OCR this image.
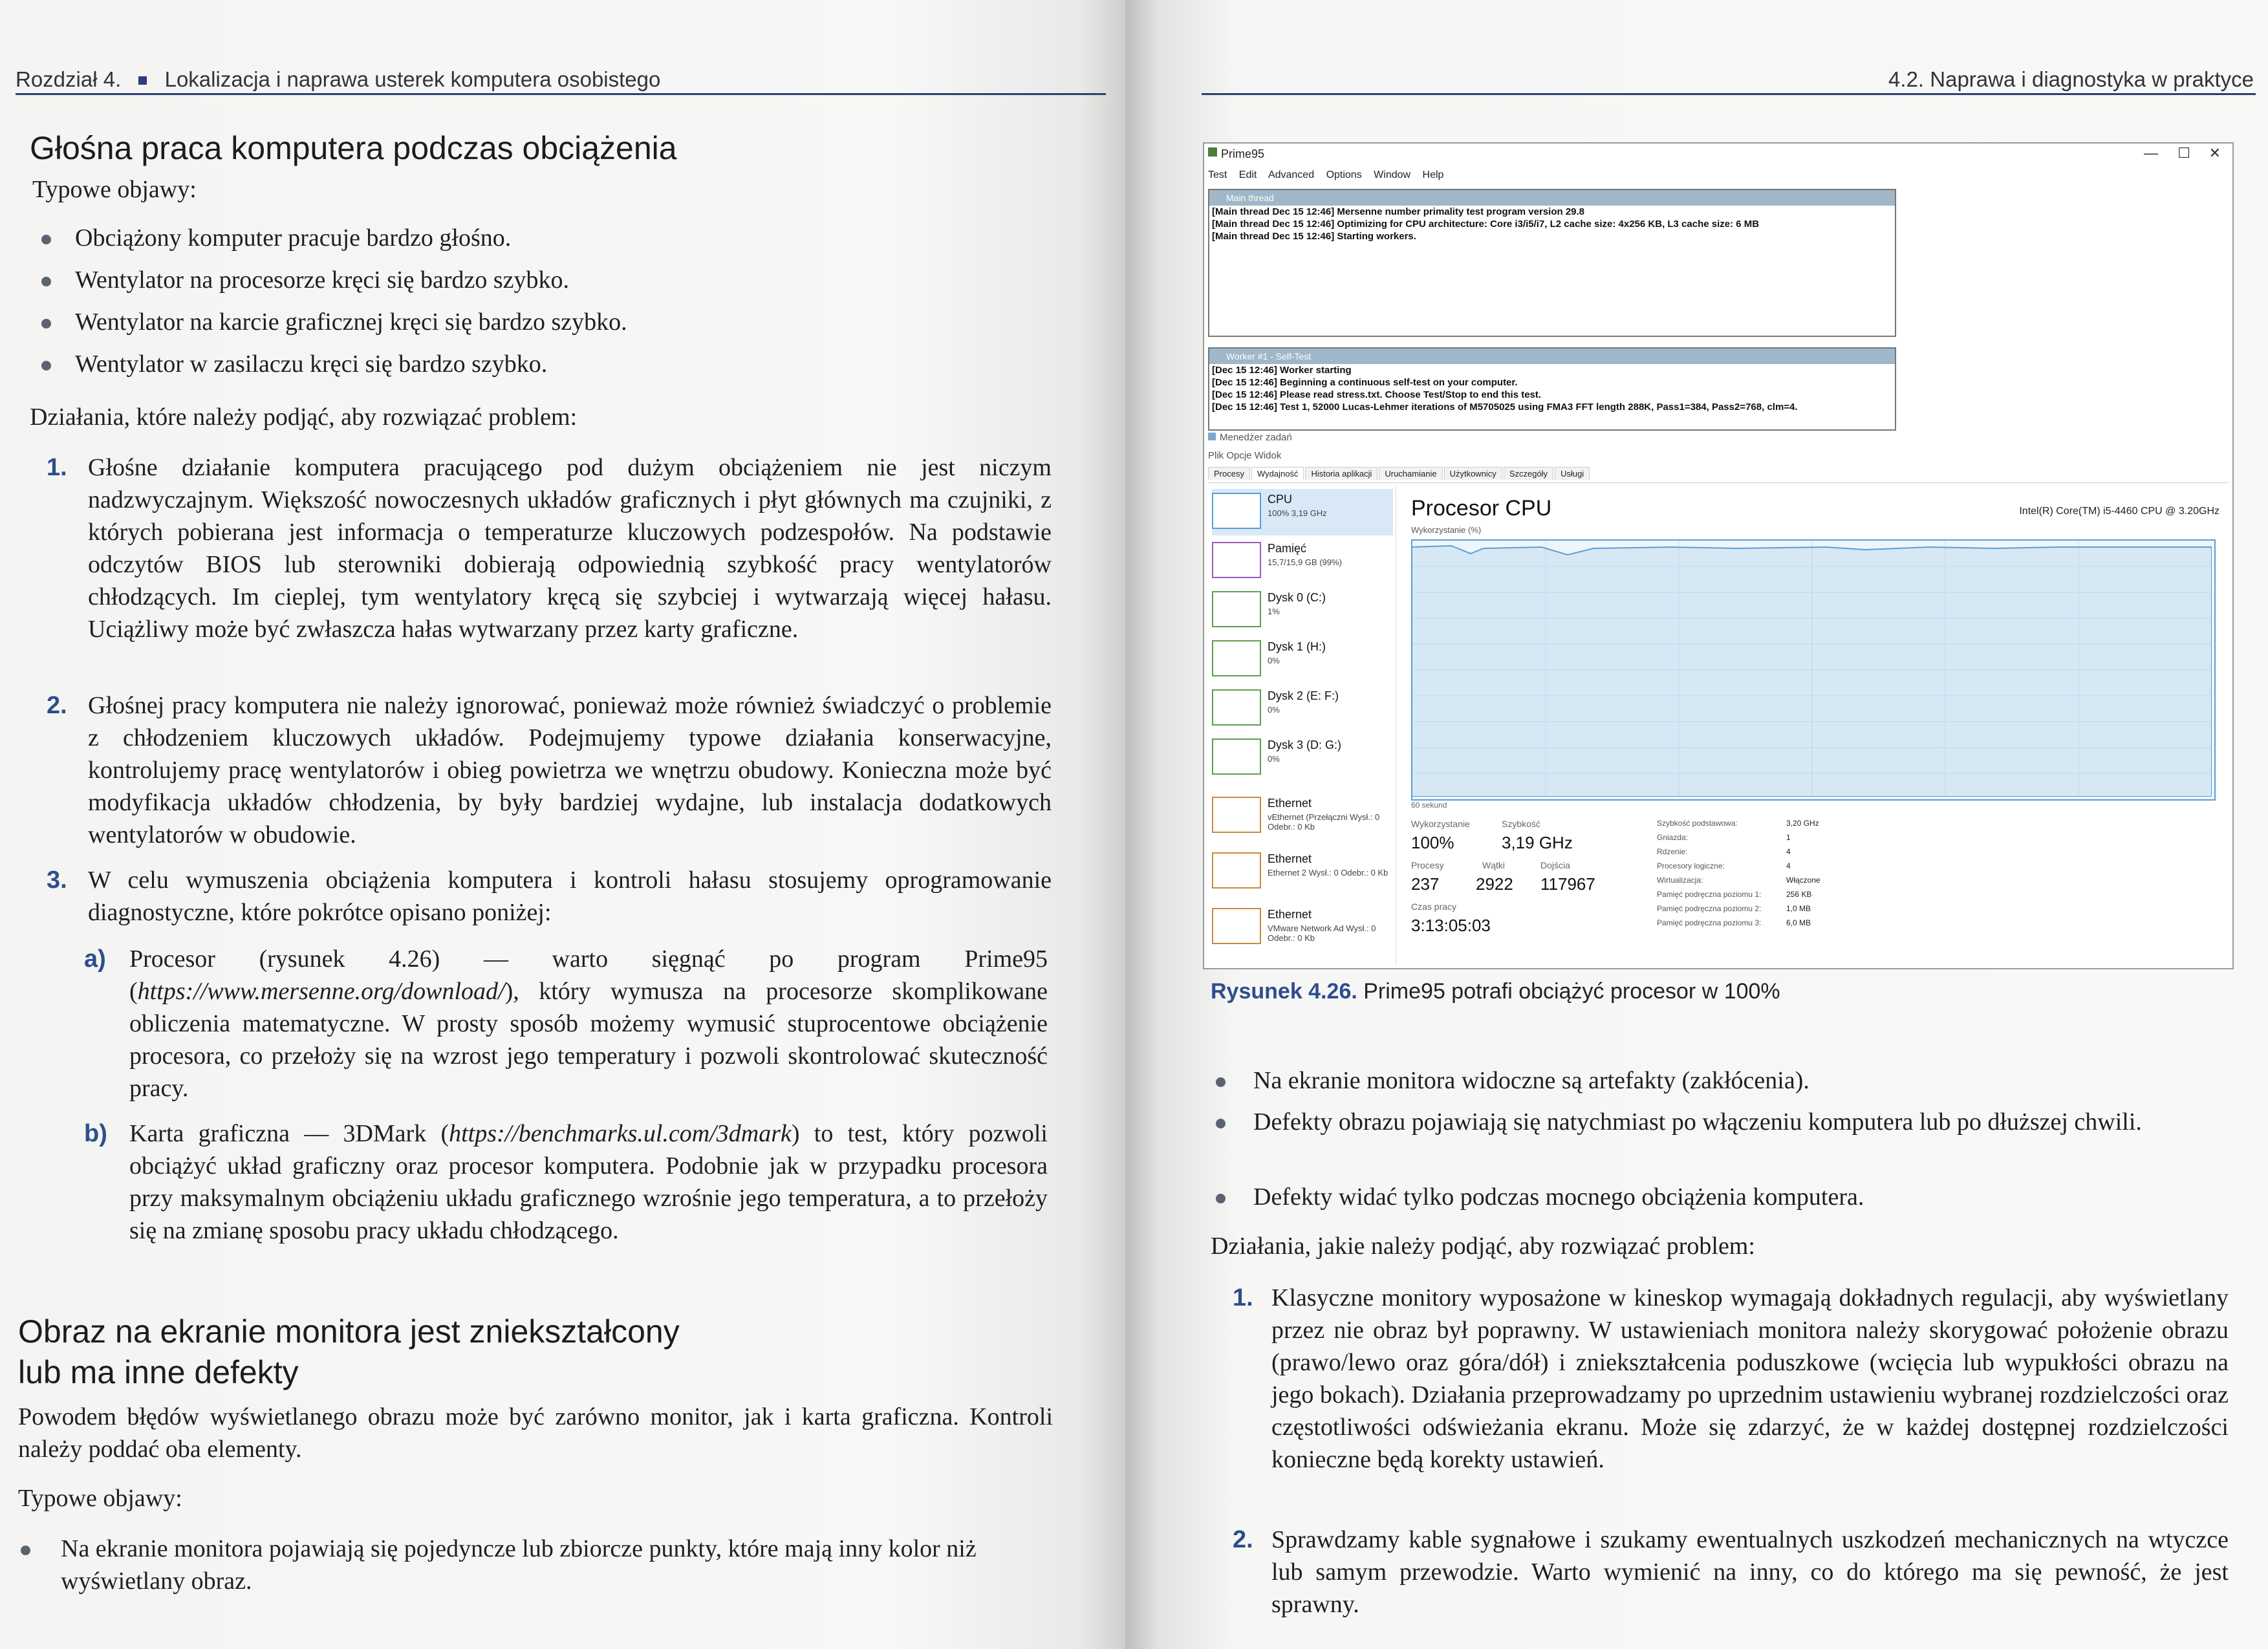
Rozdział 4. Lokalizacja i naprawa usterek komputera osobistego
Głośna praca komputera podczas obciążenia
Typowe objawy:
Obciążony komputer pracuje bardzo głośno.
Wentylator na procesorze kręci się bardzo szybko.
Wentylator na karcie graficznej kręci się bardzo szybko.
Wentylator w zasilaczu kręci się bardzo szybko.
Działania, które należy podjąć, aby rozwiązać problem:
1. Głośne działanie komputera pracującego pod dużym obciążeniem nie jest niczym nadzwyczajnym. Większość nowoczesnych układów graficznych i płyt głównych ma czujniki, z których pobierana jest informacja o temperaturze kluczowych podzespołów. Na podstawie odczytów BIOS lub sterowniki dobierają odpowiednią szybkość pracy wentylatorów chłodzących. Im cieplej, tym wentylatory kręcą się szybciej i wytwarzają więcej hałasu. Uciążliwy może być zwłaszcza hałas wytwarzany przez karty graficzne.
2. Głośnej pracy komputera nie należy ignorować, ponieważ może również świadczyć o problemie z chłodzeniem kluczowych układów. Podejmujemy typowe działania konserwacyjne, kontrolujemy pracę wentylatorów i obieg powietrza we wnętrzu obudowy. Konieczna może być modyfikacja układów chłodzenia, by były bardziej wydajne, lub instalacja dodatkowych wentylatorów w obudowie.
3. W celu wymuszenia obciążenia komputera i kontroli hałasu stosujemy oprogramowanie diagnostyczne, które pokrótce opisano poniżej:
a) Procesor (rysunek 4.26) — warto sięgnąć po program Prime95 (https://www.mersenne.org/download/), który wymusza na procesorze skomplikowane obliczenia matematyczne. W prosty sposób możemy wymusić stuprocentowe obciążenie procesora, co przełoży się na wzrost jego temperatury i pozwoli skontrolować skuteczność pracy.
b) Karta graficzna — 3DMark (https://benchmarks.ul.com/3dmark) to test, który pozwoli obciążyć układ graficzny oraz procesor komputera. Podobnie jak w przypadku procesora przy maksymalnym obciążeniu układu graficznego wzrośnie jego temperatura, a to przełoży się na zmianę sposobu pracy układu chłodzącego.
Obraz na ekranie monitora jest zniekształcony
lub ma inne defekty
Powodem błędów wyświetlanego obrazu może być zarówno monitor, jak i karta graficzna. Kontroli należy poddać oba elementy.
Typowe objawy:
Na ekranie monitora pojawiają się pojedyncze lub zbiorcze punkty, które mają inny kolor niż wyświetlany obraz.
4.2. Naprawa i diagnostyka w praktyce
Prime95	— ☐ ✕
Test Edit Advanced Options Window Help
Main thread
[Main thread Dec 15 12:46] Mersenne number primality test program version 29.8
[Main thread Dec 15 12:46] Optimizing for CPU architecture: Core i3/i5/i7, L2 cache size: 4x256 KB, L3 cache size: 6 MB
[Main thread Dec 15 12:46] Starting workers.
Worker #1 - Self-Test
[Dec 15 12:46] Worker starting
[Dec 15 12:46] Beginning a continuous self-test on your computer.
[Dec 15 12:46] Please read stress.txt. Choose Test/Stop to end this test.
[Dec 15 12:46] Test 1, 52000 Lucas-Lehmer iterations of M5705025 using FMA3 FFT length 288K, Pass1=384, Pass2=768, clm=4.
Menedżer zadań
Plik Opcje Widok
Procesy Wydajność Historia aplikacji Uruchamianie Użytkownicy Szczegóły Usługi
CPU
100% 3,19 GHz
Pamięć
15,7/15,9 GB (99%)
Dysk 0 (C:)
1%
Dysk 1 (H:)
0%
Dysk 2 (E: F:)
0%
Dysk 3 (D: G:)
0%
Ethernet
vEthernet (Przełączni Wysł.: 0 Odebr.: 0 Kb
Ethernet
Ethernet 2 Wysł.: 0 Odebr.: 0 Kb
Ethernet
VMware Network Ad Wysł.: 0 Odebr.: 0 Kb
Procesor CPU	Intel(R) Core(TM) i5-4460 CPU @ 3.20GHz
Wykorzystanie (%)
60 sekund
Wykorzystanie	Szybkość
100%	3,19 GHz
Procesy	Wątki	Dojścia
237 2922 117967
Czas pracy
3:13:05:03
Szybkość podstawowa:	3,20 GHz
Gniazda:	1
Rdzenie:	4
Procesory logiczne:	4
Wirtualizacja:	Włączone
Pamięć podręczna poziomu 1:	256 KB
Pamięć podręczna poziomu 2:	1,0 MB
Pamięć podręczna poziomu 3:	6,0 MB
Rysunek 4.26. Prime95 potrafi obciążyć procesor w 100%
Na ekranie monitora widoczne są artefakty (zakłócenia).
Defekty obrazu pojawiają się natychmiast po włączeniu komputera lub po dłuższej chwili.
Defekty widać tylko podczas mocnego obciążenia komputera.
Działania, jakie należy podjąć, aby rozwiązać problem:
1. Klasyczne monitory wyposażone w kineskop wymagają dokładnych regulacji, aby wyświetlany przez nie obraz był poprawny. W ustawieniach monitora należy skorygować położenie obrazu (prawo/lewo oraz góra/dół) i zniekształcenia poduszkowe (wcięcia lub wypukłości obrazu na jego bokach). Działania przeprowadzamy po uprzednim ustawieniu wybranej rozdzielczości oraz częstotliwości odświeżania ekranu. Może się zdarzyć, że w każdej dostępnej rozdzielczości konieczne będą korekty ustawień.
2. Sprawdzamy kable sygnałowe i szukamy ewentualnych uszkodzeń mechanicznych na wtyczce lub samym przewodzie. Warto wymienić na inny, co do którego ma się pewność, że jest sprawny.
